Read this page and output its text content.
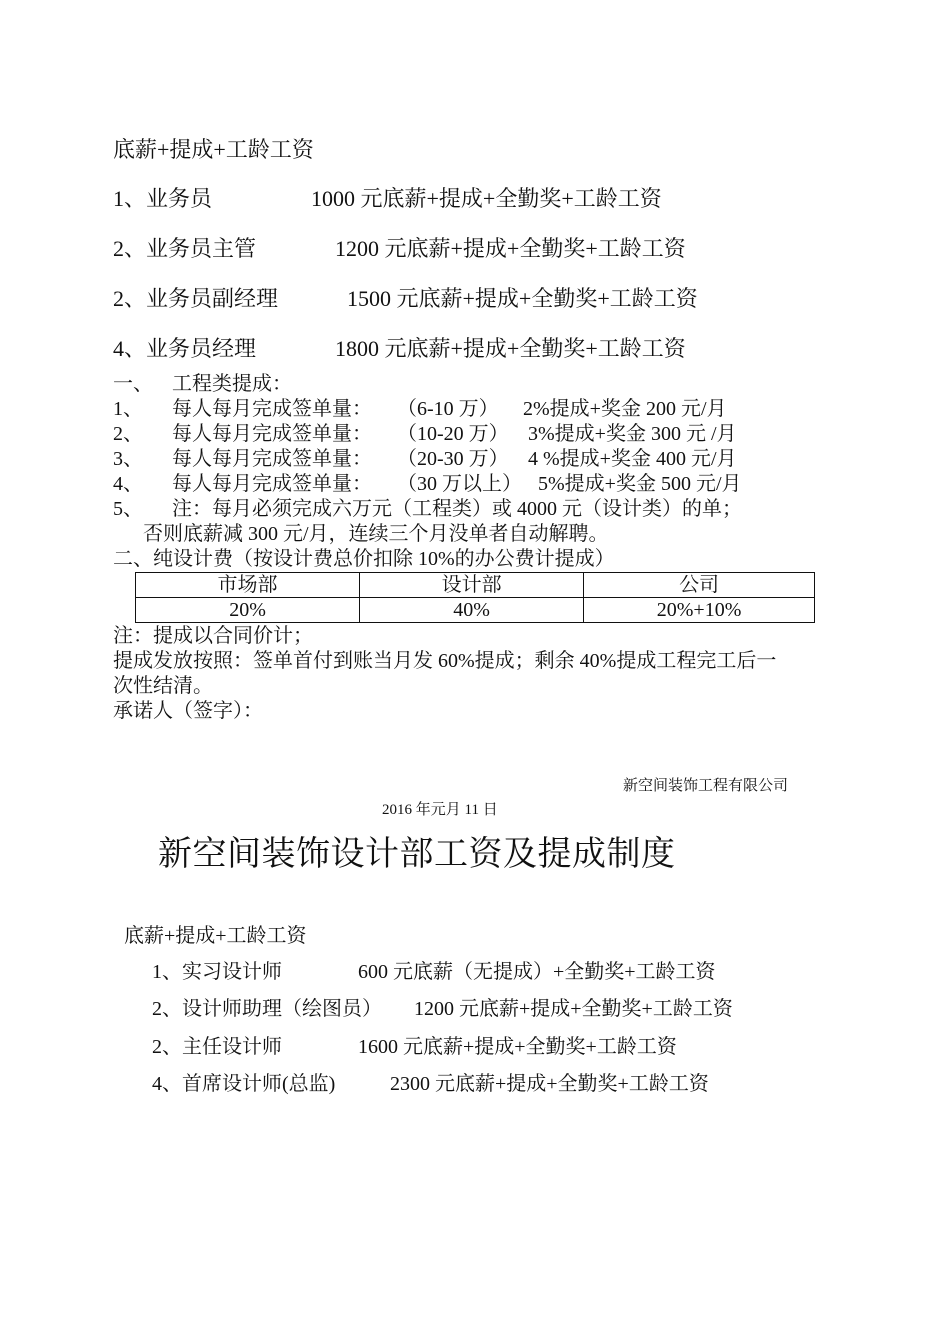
底薪+提成+工龄工资
1、业务员	1000 元底薪+提成+全勤奖+工龄工资
2、业务员主管	1200 元底薪+提成+全勤奖+工龄工资
2、业务员副经理	1500 元底薪+提成+全勤奖+工龄工资
4、业务员经理	1800 元底薪+提成+全勤奖+工龄工资
一、 工程类提成：
1、 每人每月完成签单量： （6-10 万） 2%提成+奖金 200 元/月
2、 每人每月完成签单量： （10-20 万） 3%提成+奖金 300 元 /月
3、 每人每月完成签单量： （20-30 万） 4 %提成+奖金 400 元/月
4、 每人每月完成签单量： （30 万以上） 5%提成+奖金 500 元/月
5、 注：每月必须完成六万元（工程类）或 4000 元（设计类）的单；
否则底薪减 300 元/月，连续三个月没单者自动解聘。
二、纯设计费（按设计费总价扣除 10%的办公费计提成）
市场部	设计部	公司
20%	40%	20%+10%
注：提成以合同价计；
提成发放按照：签单首付到账当月发 60%提成；剩余 40%提成工程完工后一
次性结清。
承诺人（签字）：
新空间装饰工程有限公司
2016 年元月 11 日
新空间装饰设计部工资及提成制度
底薪+提成+工龄工资
1、实习设计师	600 元底薪（无提成）+全勤奖+工龄工资
2、设计师助理（绘图员） 1200 元底薪+提成+全勤奖+工龄工资
2、主任设计师	1600 元底薪+提成+全勤奖+工龄工资
4、首席设计师(总监)	2300 元底薪+提成+全勤奖+工龄工资
